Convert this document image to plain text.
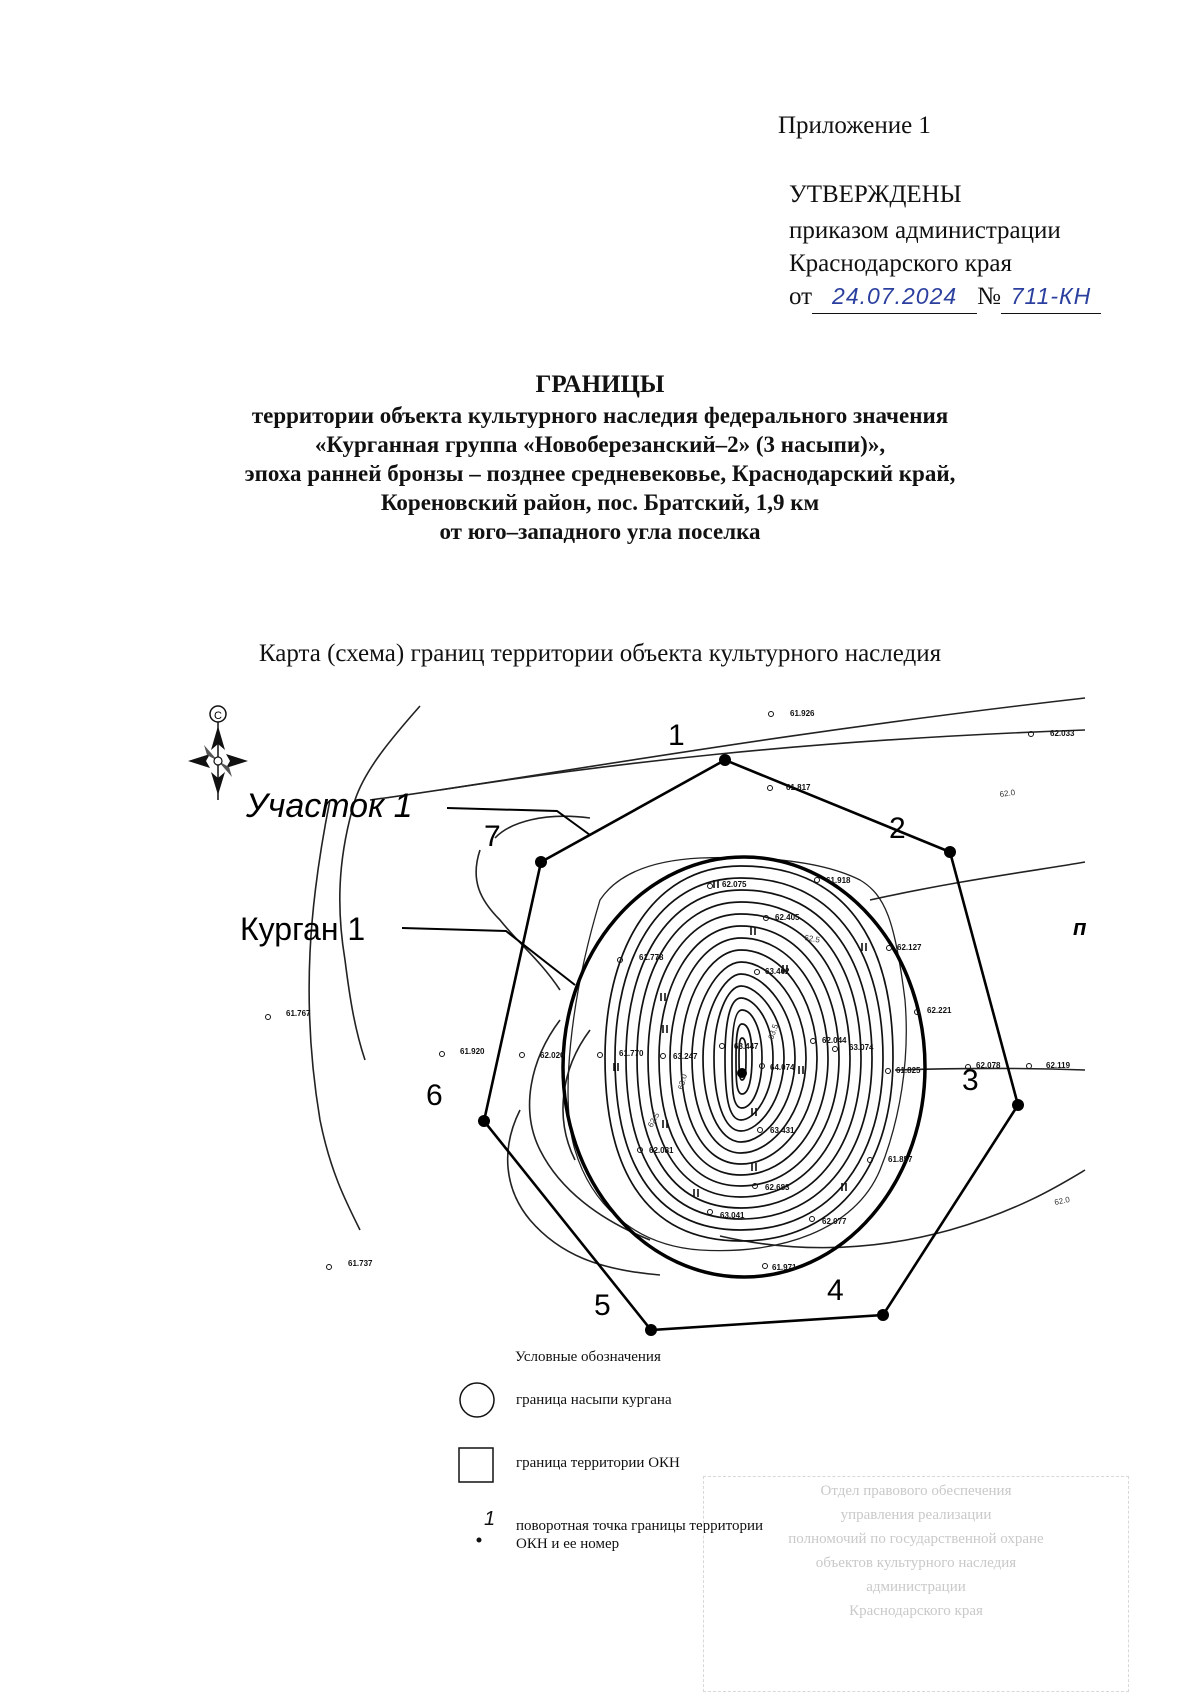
Приложение 1
УТВЕРЖДЕНЫ
приказом администрации
Краснодарского края
от 24.07.2024 № 711-КН
ГРАНИЦЫ
территории объекта культурного наследия федерального значения
«Курганная группа «Новоберезанский–2» (3 насыпи)»,
эпоха ранней бронзы – позднее средневековье, Краснодарский край,
Кореновский район, пос. Братский, 1,9 км
от юго–западного угла поселка
Карта (схема) границ территории объекта культурного наследия
С
1
2
3
4
5
6
7
Участок 1
Курган 1	п
61.926
62.033
61.817
62.075	61.918
62.405
62.127
61.778
63.462
62.221
61.767
61.920	62.020	61.770	63.247
63.447
64.074
62.044
63.074
62.078	62.119
61.825
63.431
61.857
62.081
62.683
63.041
62.077
61.971
61.737
62.0
63.5
62.5
63.0
62.5
62.0
Условные обозначения
граница насыпи кургана
граница территории ОКН
1 поворотная точка границы территории
ОКН и ее номер
Отдел правового обеспечения
управления реализации
полномочий по государственной охране
объектов культурного наследия
администрации
Краснодарского края
